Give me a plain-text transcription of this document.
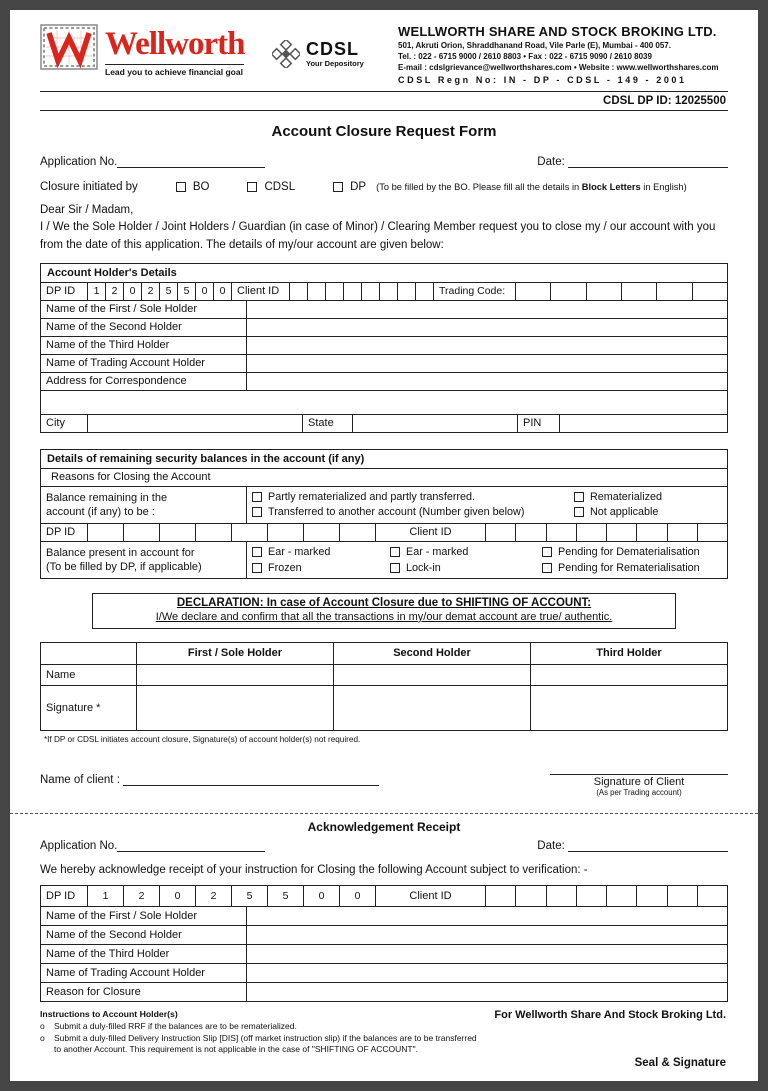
Wellworth
Lead you to achieve financial goal
CDSL
Your Depository
WELLWORTH SHARE AND STOCK BROKING LTD.
501, Akruti Orion, Shraddhanand Road, Vile Parle (E), Mumbai - 400 057.
Tel. : 022 - 6715 9000 / 2610 8803 • Fax : 022 - 6715 9090 / 2610 8039
E-mail : cdslgrievance@wellworthshares.com • Website : www.wellworthshares.com
CDSL Regn No: IN - DP - CDSL - 149 - 2001
CDSL DP ID: 12025500
Account Closure Request Form
Application No.	Date:
Closure initiated by	BO	CDSL	DP (To be filled by the BO. Please fill all the details in Block Letters in English)
Dear Sir / Madam,
I / We the Sole Holder / Joint Holders / Guardian (in case of Minor) / Clearing Member request you to close my / our account with you from the date of this application. The details of my/our account are given below:
Account Holder's Details
DP ID	1	2	0	2	5	5	0	0	Client ID	Trading Code:
Name of the First / Sole Holder
Name of the Second Holder
Name of the Third Holder
Name of Trading Account Holder
Address for Correspondence
City	State	PIN
Details of remaining security balances in the account (if any)
Reasons for Closing the Account
Balance remaining in the
account (if any) to be :
Partly rematerialized and partly transferred.	Rematerialized
Transferred to another account (Number given below)	Not applicable
DP ID	Client ID
Balance present in account for
(To be filled by DP, if applicable)
Ear - marked	Ear - marked	Pending for Dematerialisation
Frozen	Lock-in	Pending for Rematerialisation
DECLARATION: In case of Account Closure due to SHIFTING OF ACCOUNT:
I/We declare and confirm that all the transactions in my/our demat account are true/ authentic.
First / Sole Holder	Second Holder	Third Holder
Name
Signature *
*If DP or CDSL initiates account closure, Signature(s) of account holder(s) not required.
Name of client :	Signature of Client
(As per Trading account)
Acknowledgement Receipt
Application No.	Date:
We hereby acknowledge receipt of your instruction for Closing the following Account subject to verification: -
DP ID	1	2	0	2	5	5	0	0	Client ID
Name of the First / Sole Holder
Name of the Second Holder
Name of the Third Holder
Name of Trading Account Holder
Reason for Closure
Instructions to Account Holder(s)
o	Submit a duly-filled RRF if the balances are to be rematerialized.
o	Submit a duly-filled Delivery Instruction Slip [DIS] (off market instruction slip) if the balances are to be transferred to another Account. This requirement is not applicable in the case of "SHIFTING OF ACCOUNT".
For Wellworth Share And Stock Broking Ltd.
Seal & Signature
